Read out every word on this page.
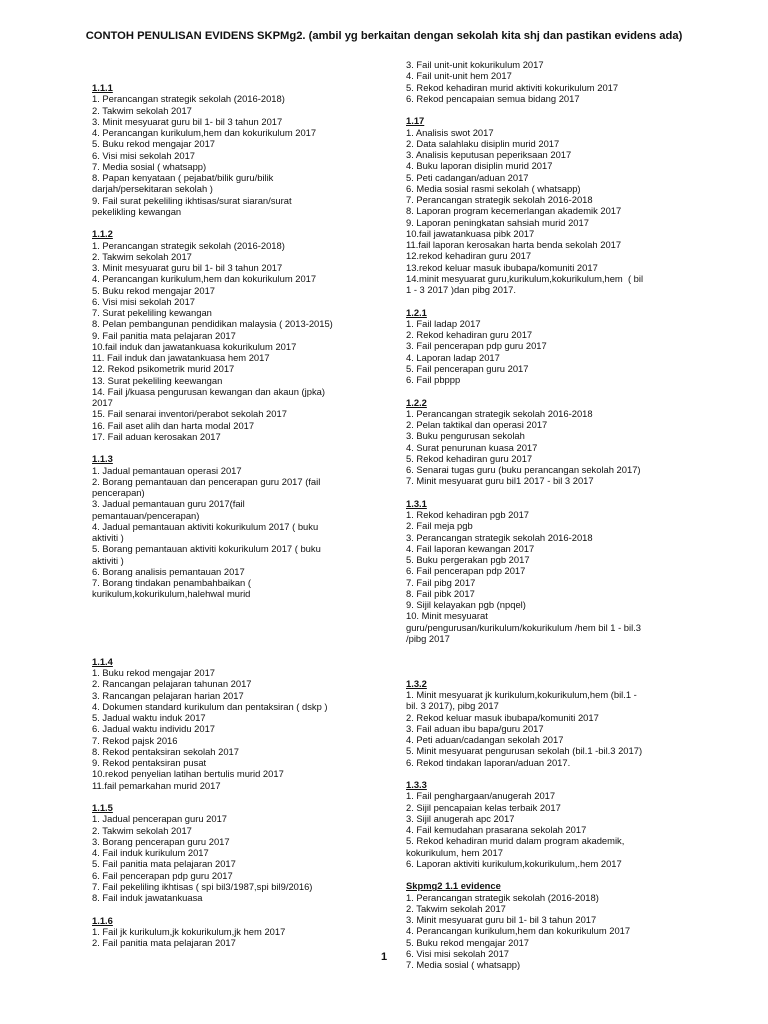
CONTOH PENULISAN EVIDENS SKPMg2. (ambil yg berkaitan dengan sekolah kita shj dan pastikan evidens ada)
1.1.1
1. Perancangan strategik sekolah (2016-2018)
2. Takwim sekolah 2017
3. Minit mesyuarat guru bil 1- bil 3 tahun 2017
4. Perancangan kurikulum,hem dan kokurikulum 2017
5. Buku rekod mengajar 2017
6. Visi misi sekolah 2017
7. Media sosial ( whatsapp)
8. Papan kenyataan ( pejabat/bilik guru/bilik
darjah/persekitaran sekolah )
9. Fail surat pekeliling ikhtisas/surat siaran/surat
pekelikling kewangan
1.1.2
1. Perancangan strategik sekolah (2016-2018)
2. Takwim sekolah 2017
3. Minit mesyuarat guru bil 1- bil 3 tahun 2017
4. Perancangan kurikulum,hem dan kokurikulum 2017
5. Buku rekod mengajar 2017
6. Visi misi sekolah 2017
7. Surat pekeliling kewangan
8. Pelan pembangunan pendidikan malaysia ( 2013-2015)
9. Fail panitia mata pelajaran 2017
10.fail induk dan jawatankuasa kokurikulum 2017
11. Fail induk dan jawatankuasa hem 2017
12. Rekod psikometrik murid 2017
13. Surat pekeliling keewangan
14. Fail j/kuasa pengurusan kewangan dan akaun (jpka)
2017
15. Fail senarai inventori/perabot sekolah 2017
16. Fail aset alih dan harta modal 2017
17. Fail aduan kerosakan 2017
1.1.3
1. Jadual pemantauan operasi 2017
2. Borang pemantauan dan pencerapan guru 2017 (fail
pencerapan)
3. Jadual pemantauan guru 2017(fail
pemantauan/pencerapan)
4. Jadual pemantauan aktiviti kokurikulum 2017 ( buku
aktiviti )
5. Borang pemantauan aktiviti kokurikulum 2017 ( buku
aktiviti )
6. Borang analisis pemantauan 2017
7. Borang tindakan penambahbaikan (
kurikulum,kokurikulum,halehwal murid

1.1.4
1. Buku rekod mengajar 2017
2. Rancangan pelajaran tahunan 2017
3. Rancangan pelajaran harian 2017
4. Dokumen standard kurikulum dan pentaksiran ( dskp )
5. Jadual waktu induk 2017
6. Jadual waktu individu 2017
7. Rekod pajsk 2016
8. Rekod pentaksiran sekolah 2017
9. Rekod pentaksiran pusat
10.rekod penyelian latihan bertulis murid 2017
11.fail pemarkahan murid 2017
1.1.5
1. Jadual pencerapan guru 2017
2. Takwim sekolah 2017
3. Borang pencerapan guru 2017
4. Fail induk kurikulum 2017
5. Fail panitia mata pelajaran 2017
6. Fail pencerapan pdp guru 2017
7. Fail pekeliling ikhtisas ( spi bil3/1987,spi bil9/2016)
8. Fail induk jawatankuasa
1.1.6
1. Fail jk kurikulum,jk kokurikulum,jk hem 2017
2. Fail panitia mata pelajaran 2017
3. Fail unit-unit kokurikulum 2017
4. Fail unit-unit hem 2017
5. Rekod kehadiran murid aktiviti kokurikulum 2017
6. Rekod pencapaian semua bidang 2017
1.17
1. Analisis swot 2017
2. Data salahlaku disiplin murid 2017
3. Analisis keputusan peperiksaan 2017
4. Buku laporan disiplin murid 2017
5. Peti cadangan/aduan 2017
6. Media sosial rasmi sekolah ( whatsapp)
7. Perancangan strategik sekolah 2016-2018
8. Laporan program kecemerlangan akademik 2017
9. Laporan peningkatan sahsiah murid 2017
10.fail jawatankuasa pibk 2017
11.fail laporan kerosakan harta benda sekolah 2017
12.rekod kehadiran guru 2017
13.rekod keluar masuk ibubapa/komuniti 2017
14.minit mesyuarat guru,kurikulum,kokurikulum,hem  ( bil
1 - 3 2017 )dan pibg 2017.
1.2.1
1. Fail ladap 2017
2. Rekod kehadiran guru 2017
3. Fail pencerapan pdp guru 2017
4. Laporan ladap 2017
5. Fail pencerapan guru 2017
6. Fail pbppp
1.2.2
1. Perancangan strategik sekolah 2016-2018
2. Pelan taktikal dan operasi 2017
3. Buku pengurusan sekolah
4. Surat penurunan kuasa 2017
5. Rekod kehadiran guru 2017
6. Senarai tugas guru (buku perancangan sekolah 2017)
7. Minit mesyuarat guru bil1 2017 - bil 3 2017
1.3.1
1. Rekod kehadiran pgb 2017
2. Fail meja pgb
3. Perancangan strategik sekolah 2016-2018
4. Fail laporan kewangan 2017
5. Buku pergerakan pgb 2017
6. Fail pencerapan pdp 2017
7. Fail pibg 2017
8. Fail pibk 2017
9. Sijil kelayakan pgb (npqel)
10. Minit mesyuarat
guru/pengurusan/kurikulum/kokurikulum /hem bil 1 - bil.3
/pibg 2017

1.3.2
1. Minit mesyuarat jk kurikulum,kokurikulum,hem (bil.1 -
bil. 3 2017), pibg 2017
2. Rekod keluar masuk ibubapa/komuniti 2017
3. Fail aduan ibu bapa/guru 2017
4. Peti aduan/cadangan sekolah 2017
5. Minit mesyuarat pengurusan sekolah (bil.1 -bil.3 2017)
6. Rekod tindakan laporan/aduan 2017.
1.3.3
1. Fail penghargaan/anugerah 2017
2. Sijil pencapaian kelas terbaik 2017
3. Sijil anugerah apc 2017
4. Fail kemudahan prasarana sekolah 2017
5. Rekod kehadiran murid dalam program akademik,
kokurikulum, hem 2017
6. Laporan aktiviti kurikulum,kokurikulum,.hem 2017
Skpmg2 1.1 evidence
1. Perancangan strategik sekolah (2016-2018)
2. Takwim sekolah 2017
3. Minit mesyuarat guru bil 1- bil 3 tahun 2017
4. Perancangan kurikulum,hem dan kokurikulum 2017
5. Buku rekod mengajar 2017
6. Visi misi sekolah 2017
7. Media sosial ( whatsapp)
1
